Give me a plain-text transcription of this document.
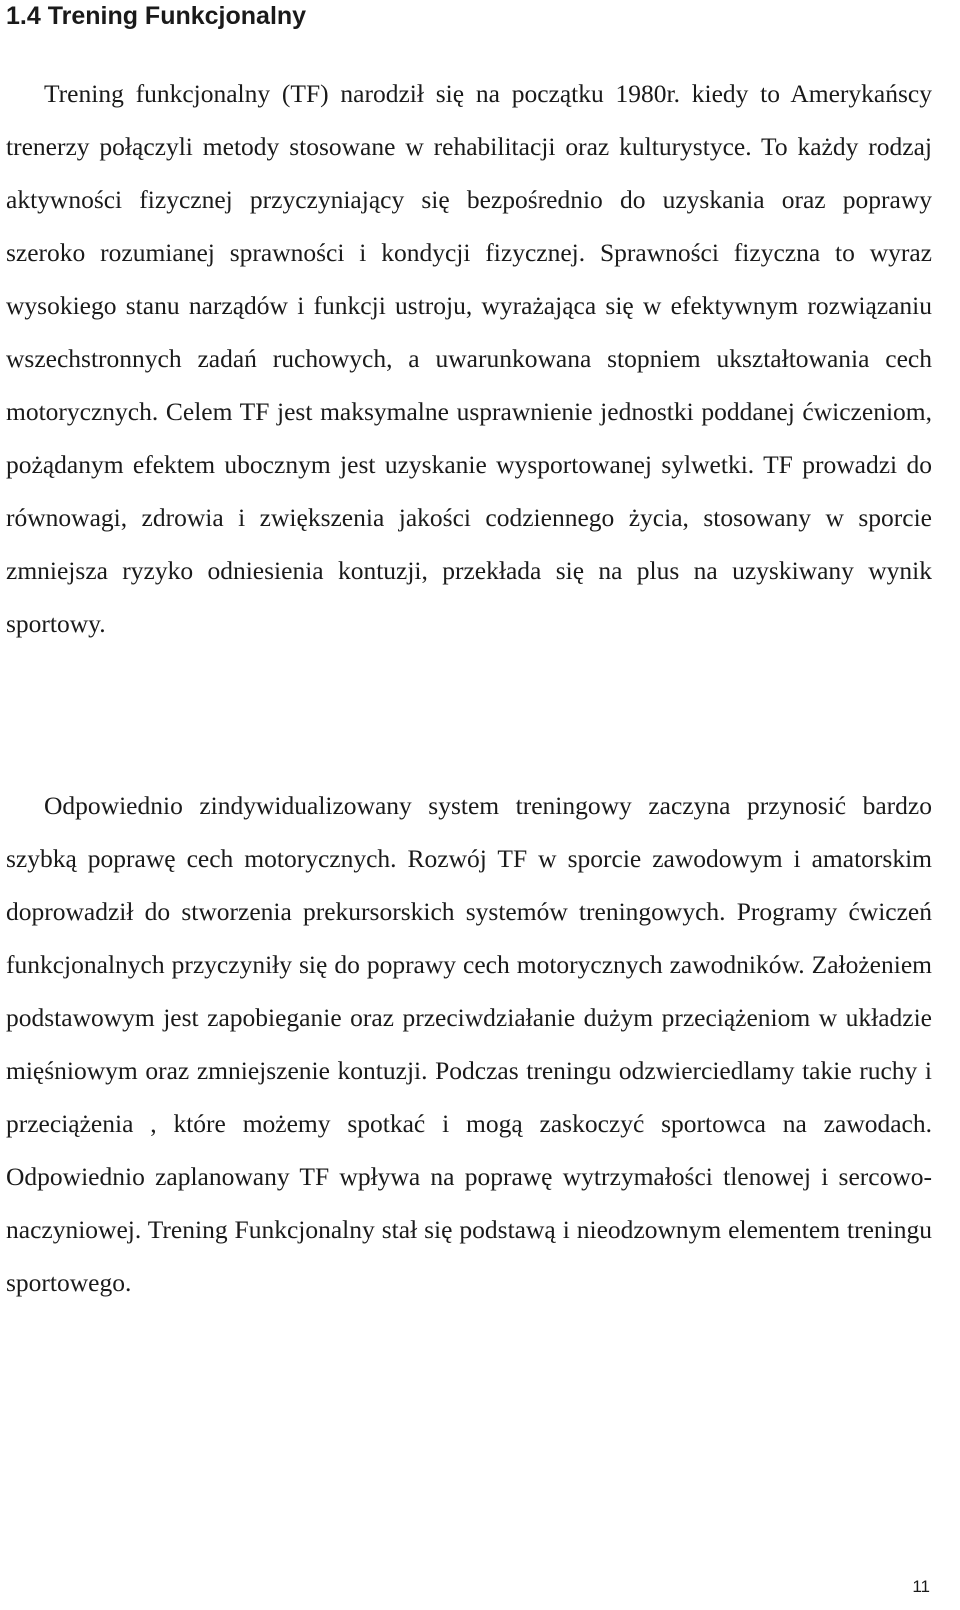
1.4 Trening Funkcjonalny

Trening funkcjonalny (TF) narodził się na początku 1980r. kiedy to Amerykańscy trenerzy połączyli metody stosowane w rehabilitacji oraz kulturystyce. To każdy rodzaj aktywności fizycznej przyczyniający się bezpośrednio do uzyskania oraz poprawy szeroko rozumianej sprawności i kondycji fizycznej. Sprawności fizyczna to wyraz wysokiego stanu narządów i funkcji ustroju, wyrażająca się w efektywnym rozwiązaniu wszechstronnych zadań ruchowych, a uwarunkowana stopniem ukształtowania cech motorycznych. Celem TF jest maksymalne usprawnienie jednostki poddanej ćwiczeniom, pożądanym efektem ubocznym jest uzyskanie wysportowanej sylwetki. TF prowadzi do równowagi, zdrowia i zwiększenia jakości codziennego życia, stosowany w sporcie zmniejsza ryzyko odniesienia kontuzji, przekłada się na plus na uzyskiwany wynik sportowy.

Odpowiednio zindywidualizowany system treningowy zaczyna przynosić bardzo szybką poprawę cech motorycznych. Rozwój TF w sporcie zawodowym i amatorskim doprowadził do stworzenia prekursorskich systemów treningowych. Programy ćwiczeń funkcjonalnych przyczyniły się do poprawy cech motorycznych zawodników. Założeniem podstawowym jest zapobieganie oraz przeciwdziałanie dużym przeciążeniom w układzie mięśniowym oraz zmniejszenie kontuzji. Podczas treningu odzwierciedlamy takie ruchy i przeciążenia , które możemy spotkać i mogą zaskoczyć sportowca na zawodach. Odpowiednio zaplanowany TF wpływa na poprawę wytrzymałości tlenowej i sercowo-naczyniowej. Trening Funkcjonalny stał się podstawą i nieodzownym elementem treningu sportowego.

11
